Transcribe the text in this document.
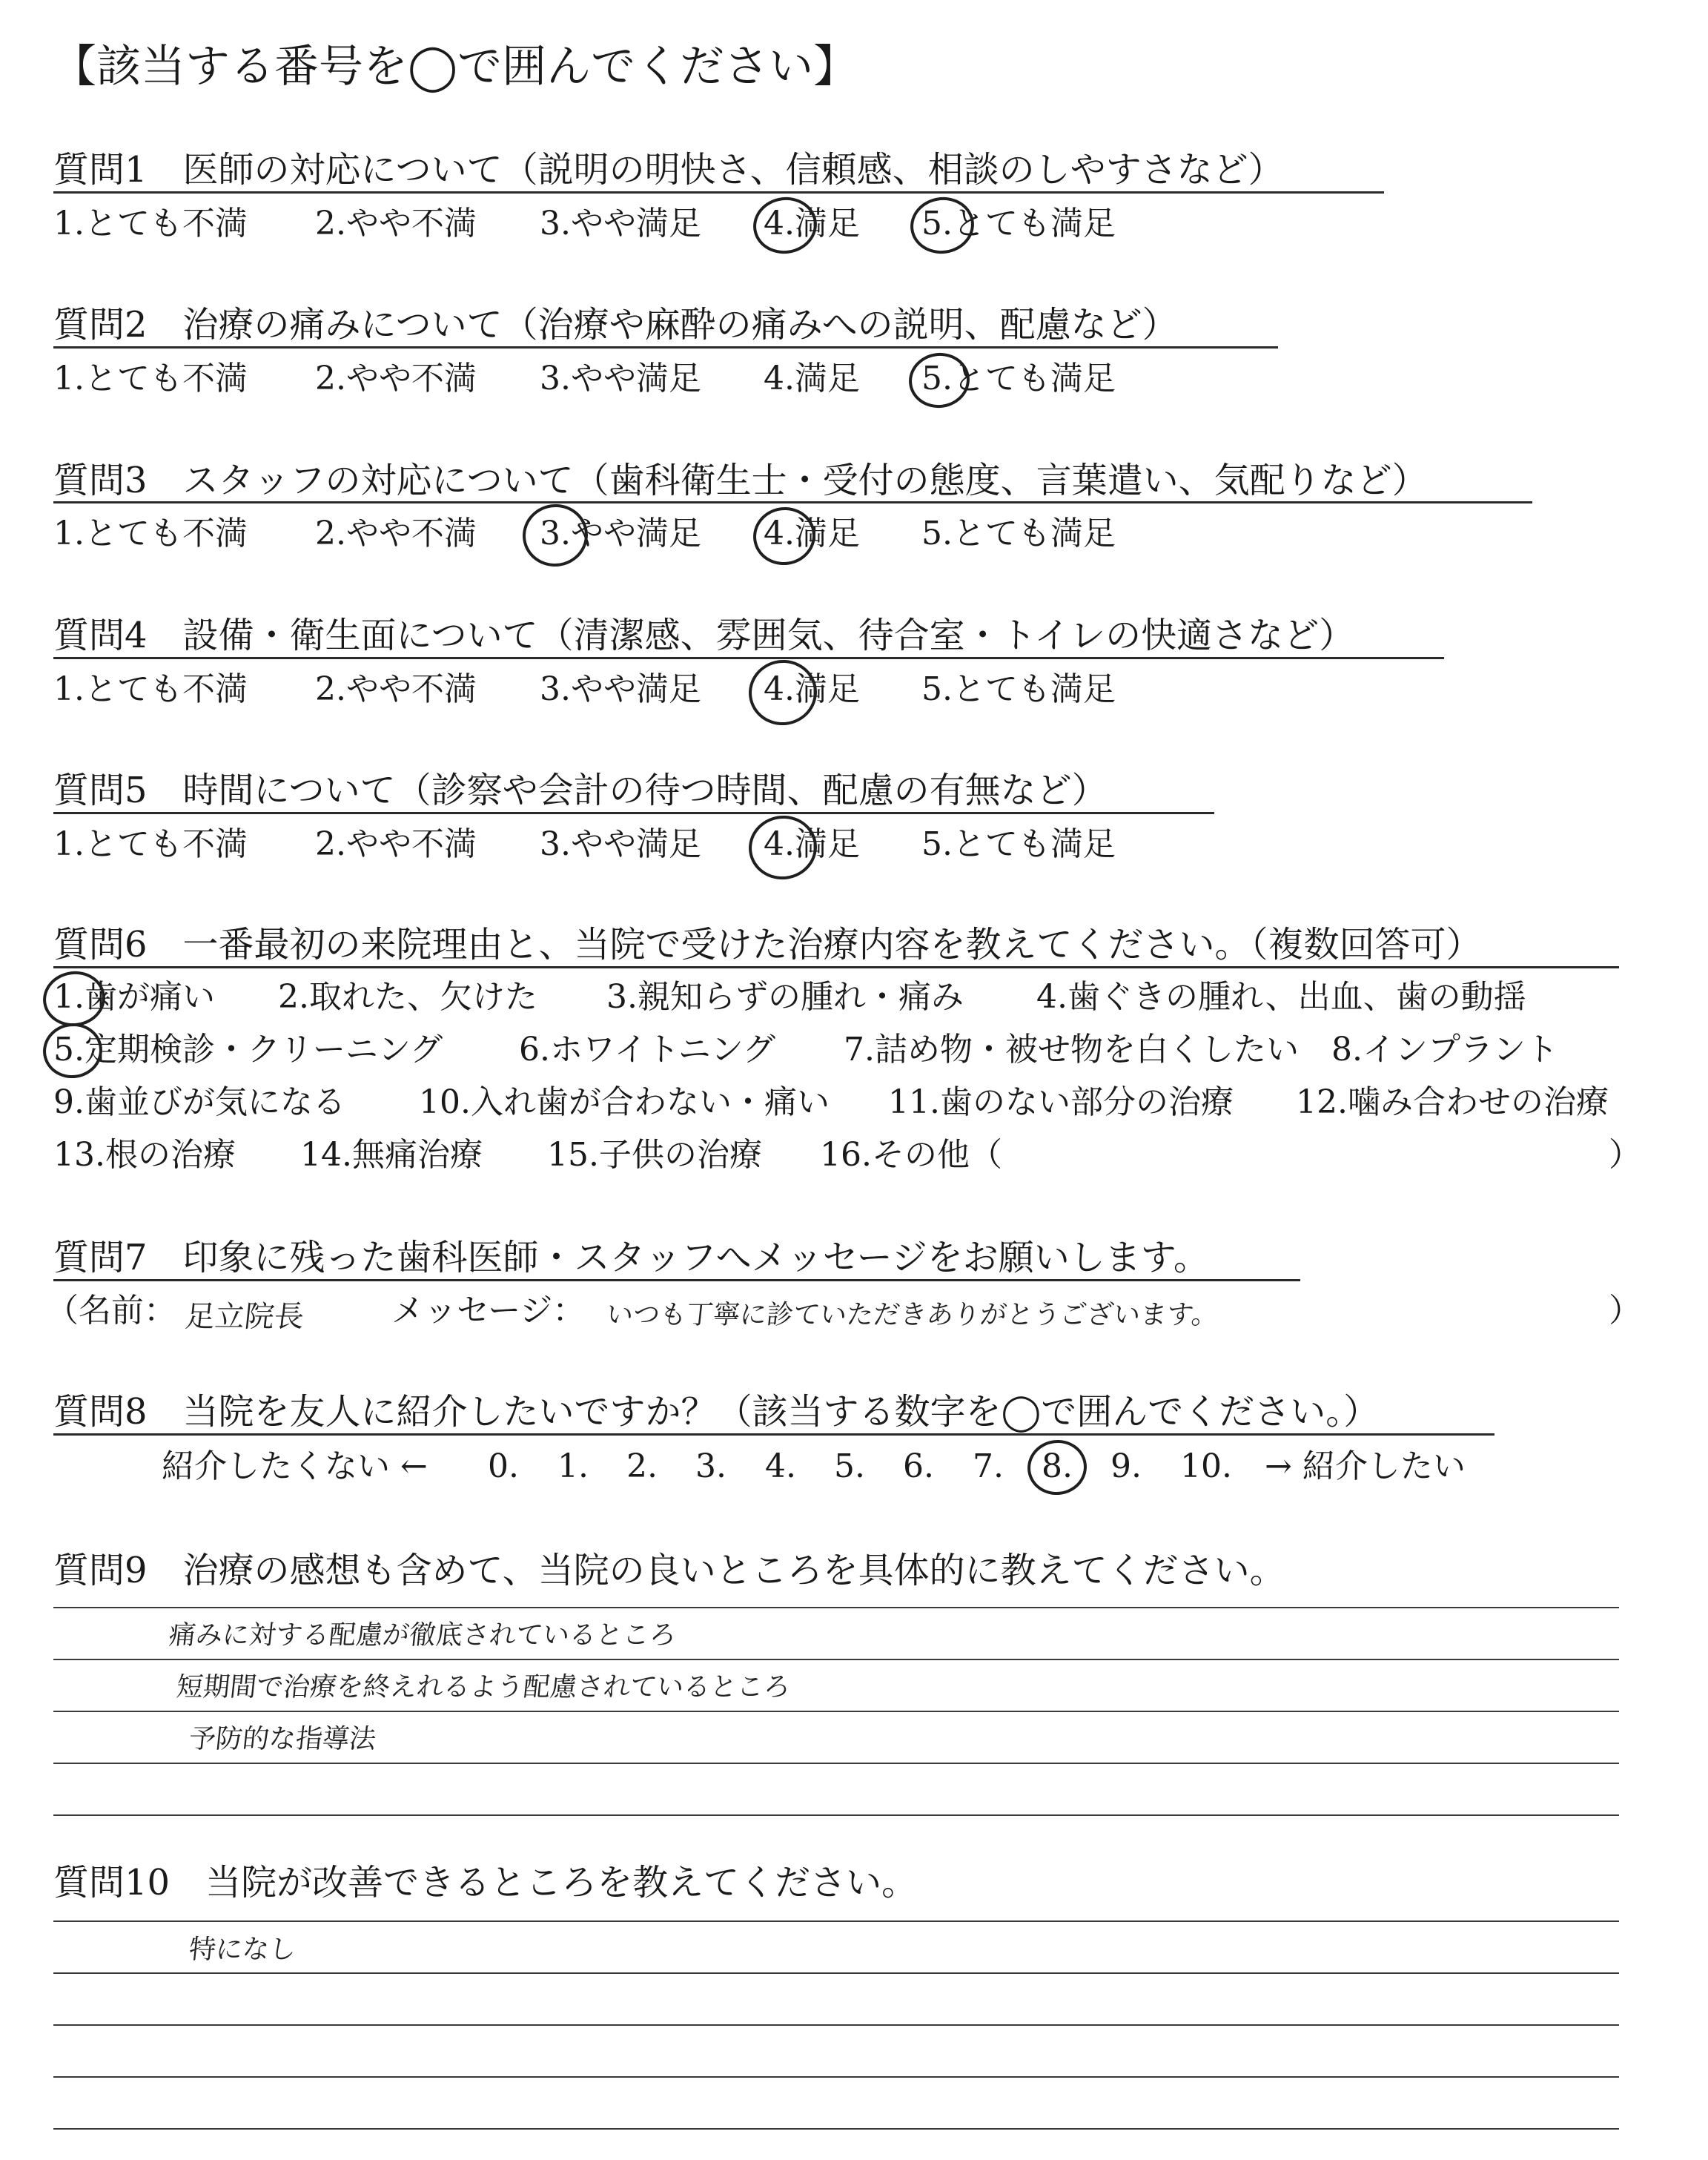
【該当する番号を◯で囲んでください】
質問1　医師の対応について（説明の明快さ、信頼感、相談のしやすさなど）
1.とても不満 2.やや不満 3.やや満足 4.満足 5.とても満足
質問2　治療の痛みについて（治療や麻酔の痛みへの説明、配慮など）
1.とても不満 2.やや不満 3.やや満足 4.満足 5.とても満足
質問3　スタッフの対応について（歯科衛生士・受付の態度、言葉遣い、気配りなど）
1.とても不満 2.やや不満 3.やや満足 4.満足 5.とても満足
質問4　設備・衛生面について（清潔感、雰囲気、待合室・トイレの快適さなど）
1.とても不満 2.やや不満 3.やや満足 4.満足 5.とても満足
質問5　時間について（診察や会計の待つ時間、配慮の有無など）
1.とても不満 2.やや不満 3.やや満足 4.満足 5.とても満足
質問6　一番最初の来院理由と、当院で受けた治療内容を教えてください。（複数回答可）
1.歯が痛い 2.取れた、欠けた 3.親知らずの腫れ・痛み 4.歯ぐきの腫れ、出血、歯の動揺
5.定期検診・クリーニング 6.ホワイトニング 7.詰め物・被せ物を白くしたい 8.インプラント
9.歯並びが気になる 10.入れ歯が合わない・痛い 11.歯のない部分の治療 12.噛み合わせの治療
13.根の治療 14.無痛治療 15.子供の治療 16.その他（	）
質問7　印象に残った歯科医師・スタッフへメッセージをお願いします。
（名前： 足立院長	メッセージ： いつも丁寧に診ていただきありがとうございます。	）
質問8　当院を友人に紹介したいですか？（該当する数字を◯で囲んでください。）
紹介したくない ← 0. 1. 2. 3. 4. 5. 6. 7. 8. 9. 10. → 紹介したい
質問9　治療の感想も含めて、当院の良いところを具体的に教えてください。
痛みに対する配慮が徹底されているところ
短期間で治療を終えれるよう配慮されているところ
予防的な指導法
質問10　当院が改善できるところを教えてください。
特になし
